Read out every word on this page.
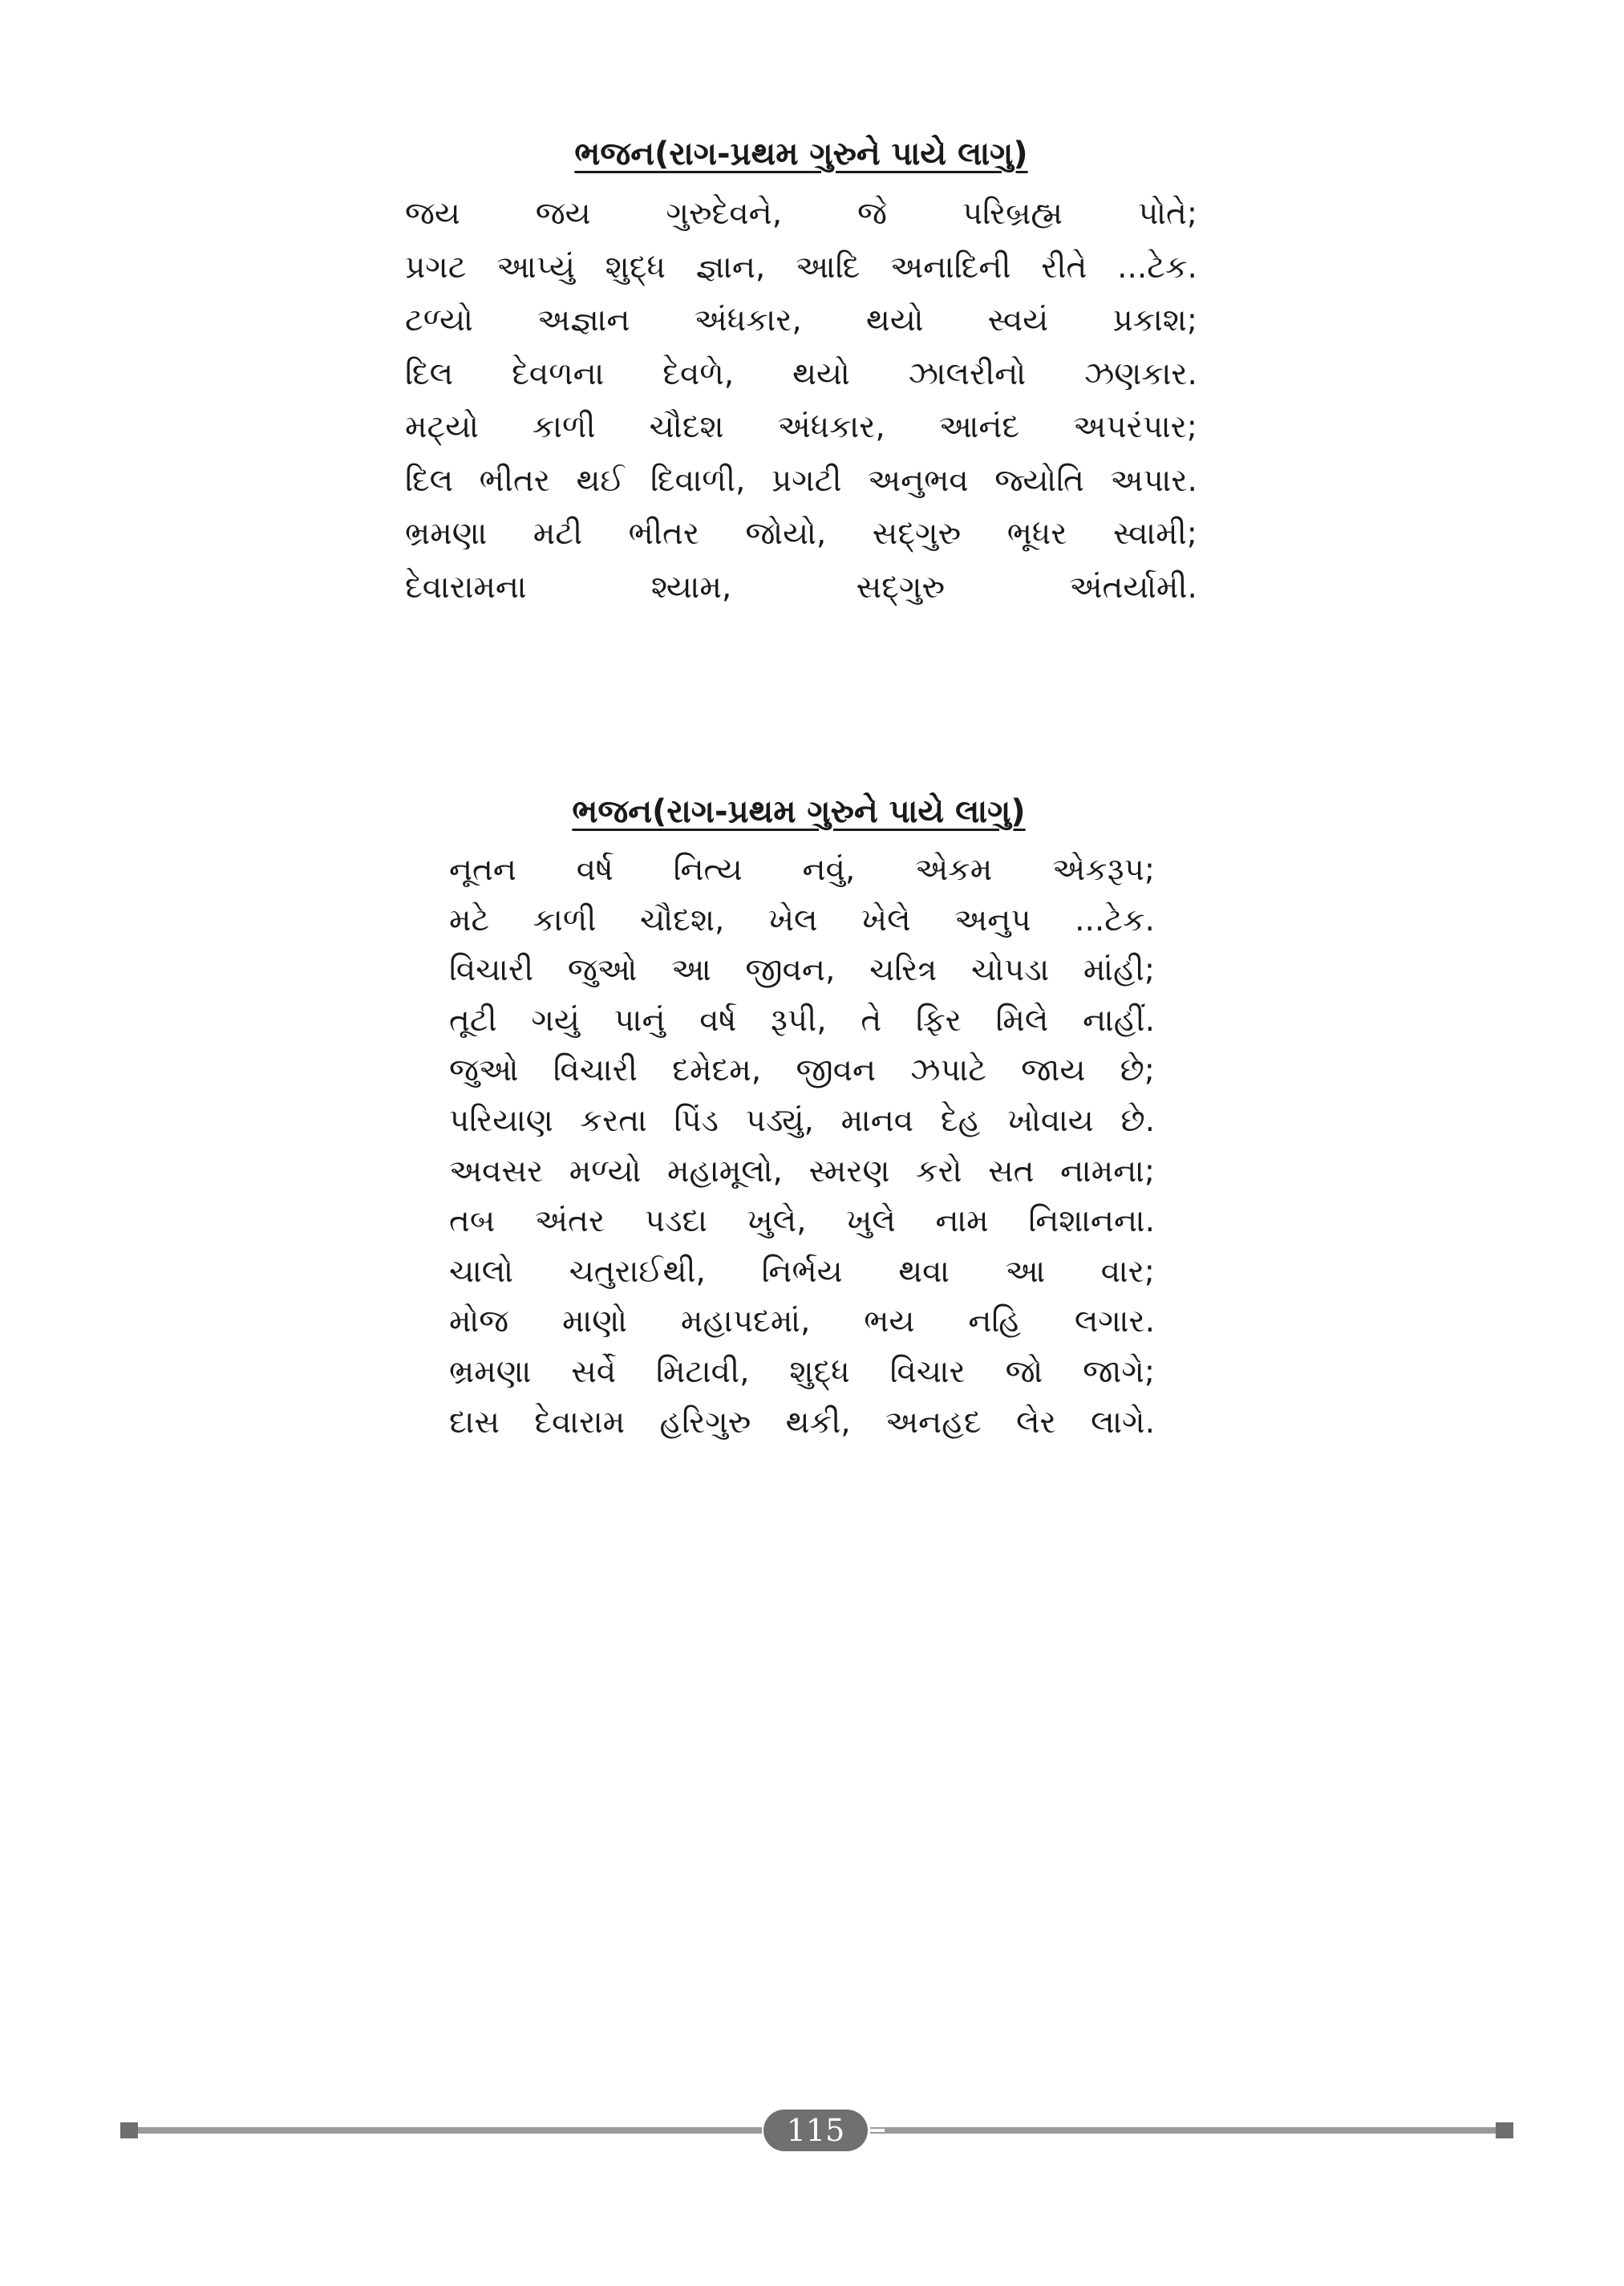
ભજન(રાગ-પ્રથમ ગુરુને પાયે લાગુ)
જય જય ગુરુદેવને, જે પરિબ્રહ્મ પોતે;
પ્રગટ આપ્યું શુદ્ધ જ્ઞાન, આદિ અનાદિની રીતે ...ટેક.
ટળ્યો અજ્ઞાન અંધકાર, થયો સ્વયં પ્રકાશ;
દિલ દેવળના દેવળે, થયો ઝાલરીનો ઝણકાર.
મટ્યો કાળી ચૌદશ અંધકાર, આનંદ અપરંપાર;
દિલ ભીતર થઈ દિવાળી, પ્રગટી અનુભવ જ્યોતિ અપાર.
ભ્રમણા મટી ભીતર જોયો, સદ્‌ગુરુ ભૂધર સ્વામી;
દેવારામના	શ્યામ,	સદ્‌ગુરુ	અંતર્યામી.
ભજન(રાગ-પ્રથમ ગુરુને પાયે લાગુ)
નૂતન વર્ષ નિત્ય નવું, એકમ એકરૂપ;
મટે કાળી ચૌદશ, ખેલ ખેલે અનુપ ...ટેક.
વિચારી જુઓ આ જીવન, ચરિત્ર ચોપડા માંહી;
તૂટી ગયું પાનું વર્ષ રૂપી, તે ફિર મિલે નાહીં.
જુઓ વિચારી દમેદમ, જીવન ઝપાટે જાય છે;
પરિયાણ કરતા પિંડ પડ્યું, માનવ દેહ ખોવાય છે.
અવસર મળ્યો મહામૂલો, સ્મરણ કરો સત નામના;
તબ અંતર પડદા ખુલે, ખુલે નામ નિશાનના.
ચાલો ચતુરાઈથી, નિર્ભય થવા આ વાર;
મોજ માણો મહાપદમાં, ભય નહિ લગાર.
ભ્રમણા સર્વે મિટાવી, શુદ્ધ વિચાર જો જાગે;
દાસ દેવારામ હરિગુરુ થકી, અનહદ લેર લાગે.
115
